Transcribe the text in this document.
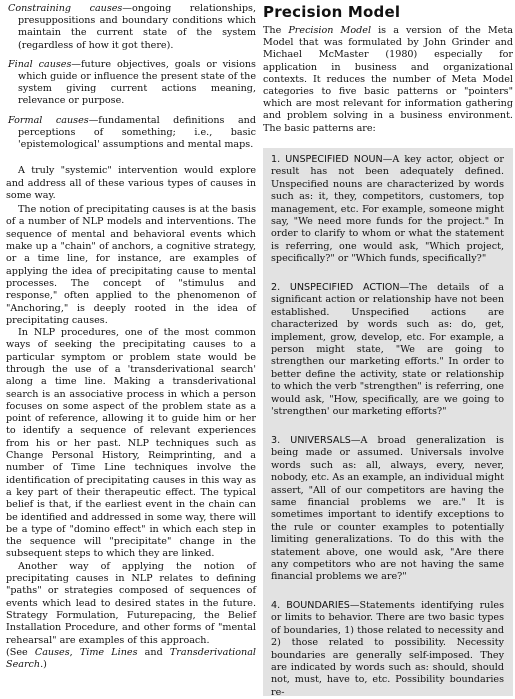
Constraining causes—ongoing relationships, presuppositions and boundary conditions which maintain the current state of the system (regardless of how it got there).

Final causes—future objectives, goals or visions which guide or influence the present state of the system giving current actions meaning, relevance or purpose.

Formal causes—fundamental definitions and perceptions of something; i.e., basic 'epistemological' assumptions and mental maps.

A truly "systemic" intervention would explore and address all of these various types of causes in some way.

The notion of precipitating causes is at the basis of a number of NLP models and interventions. The sequence of mental and behavioral events which make up a "chain" of anchors, a cognitive strategy, or a time line, for instance, are examples of applying the idea of precipitating cause to mental processes. The concept of "stimulus and response," often applied to the phenomenon of "Anchoring," is deeply rooted in the idea of precipitating causes.

In NLP procedures, one of the most common ways of seeking the precipitating causes to a particular symptom or problem state would be through the use of a 'transderivational search' along a time line. Making a transderivational search is an associative process in which a person focuses on some aspect of the problem state as a point of reference, allowing it to guide him or her to identify a sequence of relevant experiences from his or her past. NLP techniques such as Change Personal History, Reimprinting, and a number of Time Line techniques involve the identification of precipitating causes in this way as a key part of their therapeutic effect. The typical belief is that, if the earliest event in the chain can be identified and addressed in some way, there will be a type of "domino effect" in which each step in the sequence will "precipitate" change in the subsequent steps to which they are linked.

Another way of applying the notion of precipitating causes in NLP relates to defining "paths" or strategies composed of sequences of events which lead to desired states in the future. Strategy Formulation, Futurepacing, the Belief Installation Procedure, and other forms of "mental rehearsal" are examples of this approach.

(See Causes, Time Lines and Transderivational Search.)

Precision Model

The Precision Model is a version of the Meta Model that was formulated by John Grinder and Michael McMaster (1980) especially for application in business and organizational contexts. It reduces the number of Meta Model categories to five basic patterns or "pointers" which are most relevant for information gathering and problem solving in a business environment. The basic patterns are:

1. UNSPECIFIED NOUN—A key actor, object or result has not been adequately defined. Unspecified nouns are characterized by words such as: it, they, competitors, customers, top management, etc. For example, someone might say, "We need more funds for the project." In order to clarify to whom or what the statement is referring, one would ask, "Which project, specifically?" or "Which funds, specifically?"

2. UNSPECIFIED ACTION—The details of a significant action or relationship have not been established. Unspecified actions are characterized by words such as: do, get, implement, grow, develop, etc. For example, a person might state, "We are going to strengthen our marketing efforts." In order to better define the activity, state or relationship to which the verb "strengthen" is referring, one would ask, "How, specifically, are we going to 'strengthen' our marketing efforts?"

3. UNIVERSALS—A broad generalization is being made or assumed. Universals involve words such as: all, always, every, never, nobody, etc. As an example, an individual might assert, "All of our competitors are having the same financial problems we are." It is sometimes important to identify exceptions to the rule or counter examples to potentially limiting generalizations. To do this with the statement above, one would ask, "Are there any competitors who are not having the same financial problems we are?"

4. BOUNDARIES—Statements identifying rules or limits to behavior. There are two basic types of boundaries, 1) those related to necessity and 2) those related to possibility. Necessity boundaries are generally self-imposed. They are indicated by words such as: should, should not, must, have to, etc. Possibility boundaries re-
